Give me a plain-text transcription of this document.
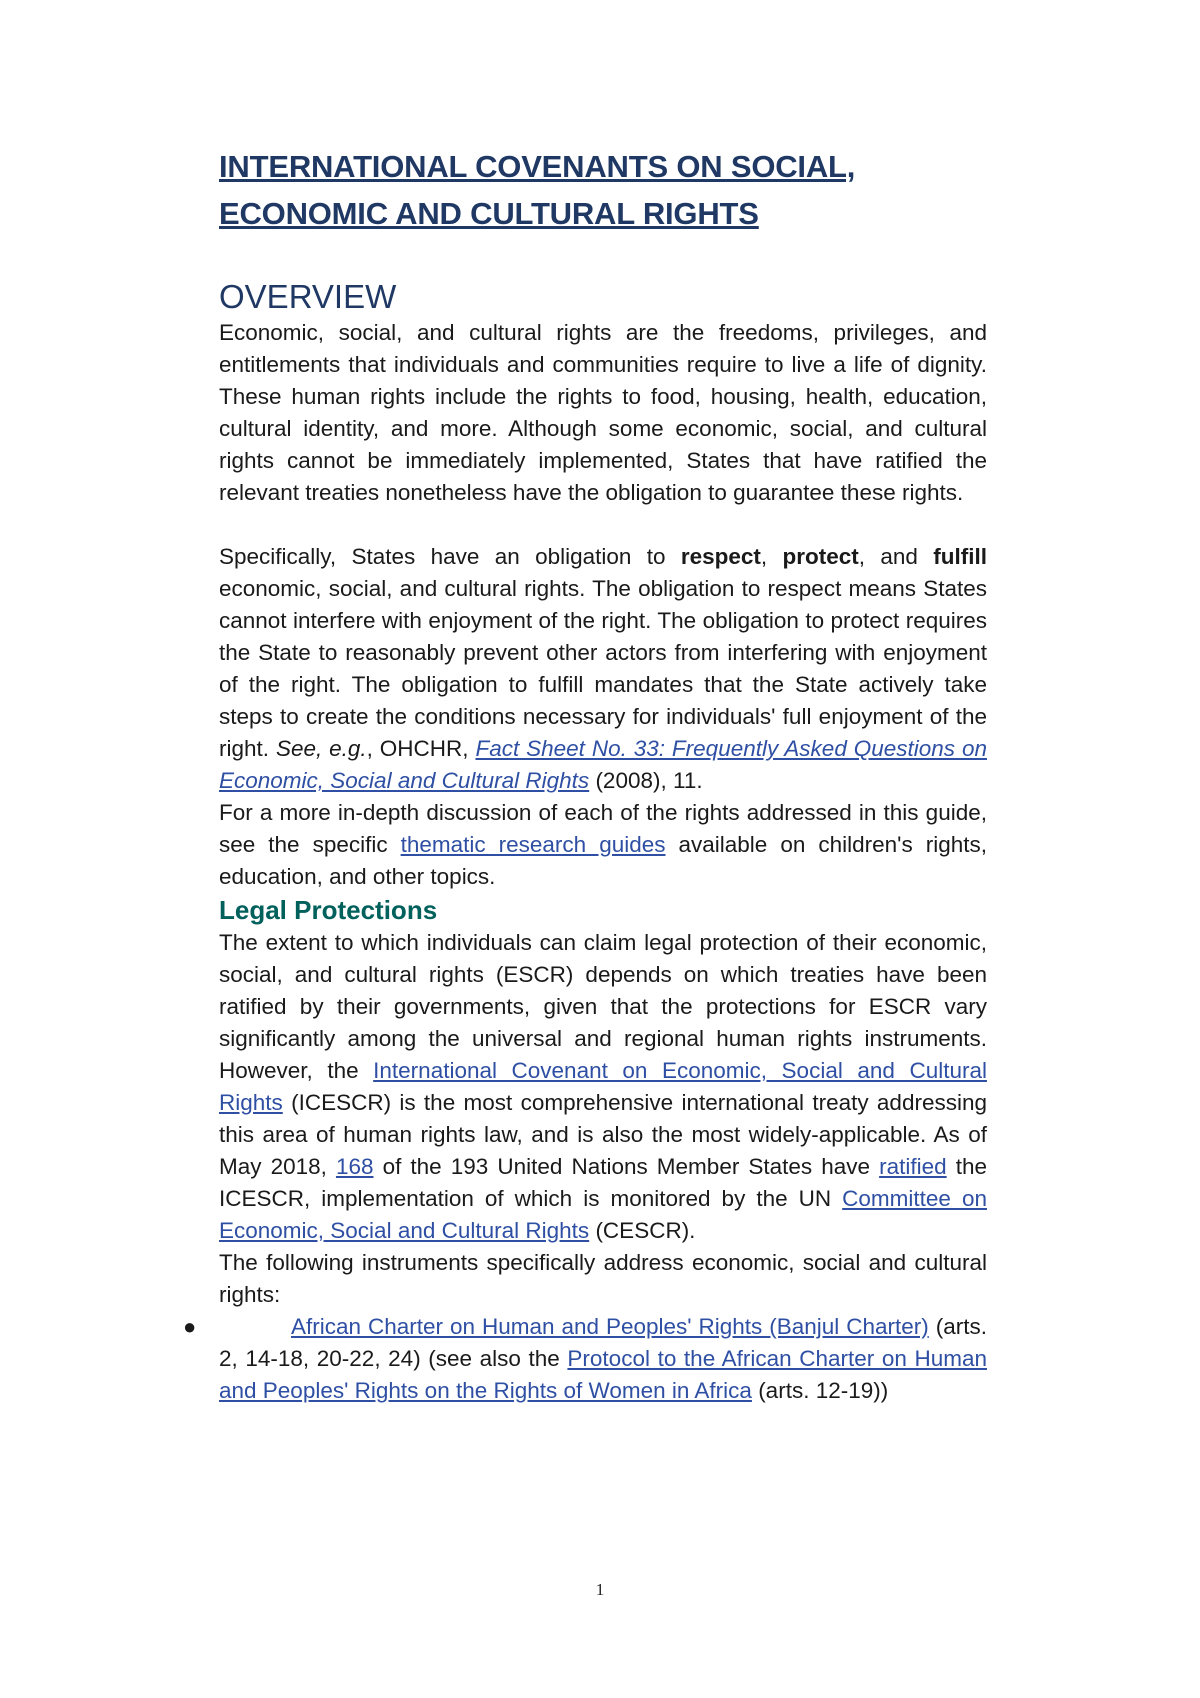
INTERNATIONAL COVENANTS ON SOCIAL,
ECONOMIC AND CULTURAL RIGHTS
OVERVIEW

Economic, social, and cultural rights are the freedoms, privileges, and entitlements that individuals and communities require to live a life of dignity. These human rights include the rights to food, housing, health, education, cultural identity, and more. Although some economic, social, and cultural rights cannot be immediately implemented, States that have ratified the relevant treaties nonetheless have the obligation to guarantee these rights.

Specifically, States have an obligation to respect, protect, and fulfill economic, social, and cultural rights. The obligation to respect means States cannot interfere with enjoyment of the right. The obligation to protect requires the State to reasonably prevent other actors from interfering with enjoyment of the right. The obligation to fulfill mandates that the State actively take steps to create the conditions necessary for individuals' full enjoyment of the right. See, e.g., OHCHR, Fact Sheet No. 33: Frequently Asked Questions on Economic, Social and Cultural Rights (2008), 11.

For a more in-depth discussion of each of the rights addressed in this guide, see the specific thematic research guides available on children's rights, education, and other topics.

Legal Protections

The extent to which individuals can claim legal protection of their economic, social, and cultural rights (ESCR) depends on which treaties have been ratified by their governments, given that the protections for ESCR vary significantly among the universal and regional human rights instruments. However, the International Covenant on Economic, Social and Cultural Rights (ICESCR) is the most comprehensive international treaty addressing this area of human rights law, and is also the most widely-applicable. As of May 2018, 168 of the 193 United Nations Member States have ratified the ICESCR, implementation of which is monitored by the UN Committee on Economic, Social and Cultural Rights (CESCR).

The following instruments specifically address economic, social and cultural rights:

●	African Charter on Human and Peoples' Rights (Banjul Charter) (arts. 2, 14-18, 20-22, 24) (see also the Protocol to the African Charter on Human and Peoples' Rights on the Rights of Women in Africa (arts. 12-19))
1
